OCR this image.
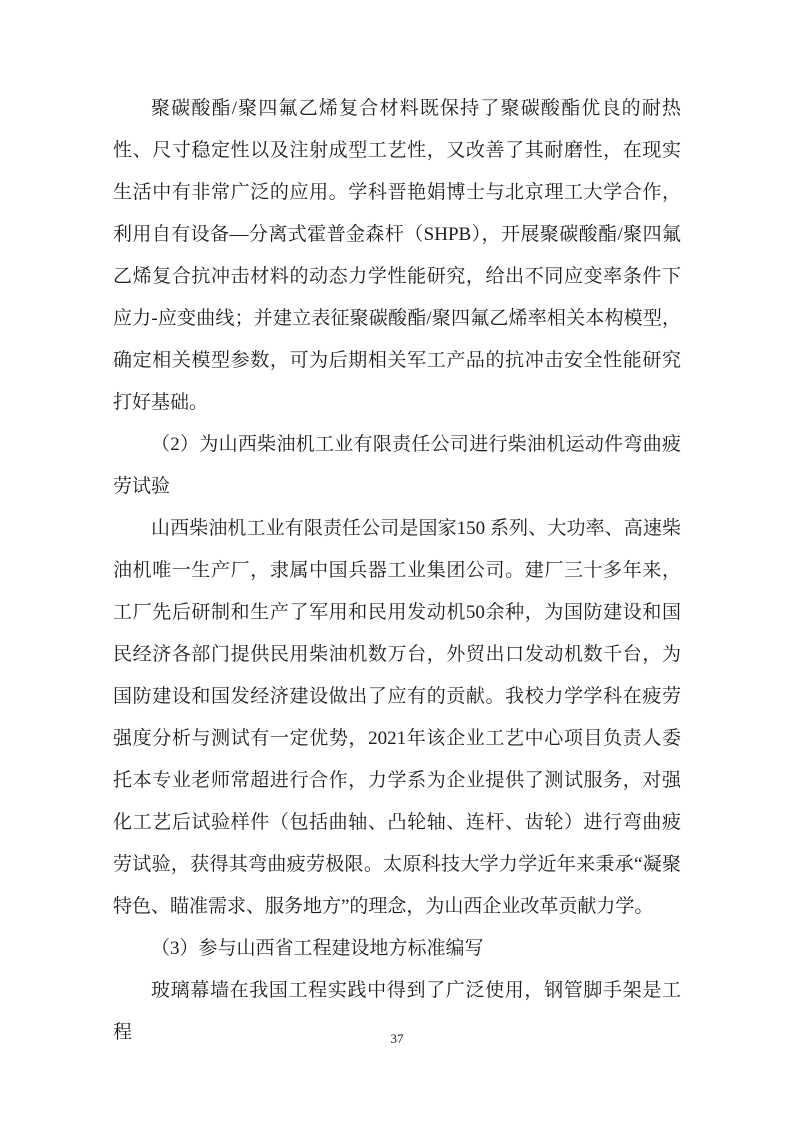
聚碳酸酯/聚四氟乙烯复合材料既保持了聚碳酸酯优良的耐热性、尺寸稳定性以及注射成型工艺性，又改善了其耐磨性，在现实生活中有非常广泛的应用。学科晋艳娟博士与北京理工大学合作，利用自有设备—分离式霍普金森杆（SHPB），开展聚碳酸酯/聚四氟乙烯复合抗冲击材料的动态力学性能研究，给出不同应变率条件下应力-应变曲线；并建立表征聚碳酸酯/聚四氟乙烯率相关本构模型，确定相关模型参数，可为后期相关军工产品的抗冲击安全性能研究打好基础。

（2）为山西柴油机工业有限责任公司进行柴油机运动件弯曲疲劳试验

山西柴油机工业有限责任公司是国家150 系列、大功率、高速柴油机唯一生产厂，隶属中国兵器工业集团公司。建厂三十多年来，工厂先后研制和生产了军用和民用发动机50余种，为国防建设和国民经济各部门提供民用柴油机数万台，外贸出口发动机数千台，为国防建设和国发经济建设做出了应有的贡献。我校力学学科在疲劳强度分析与测试有一定优势，2021年该企业工艺中心项目负责人委托本专业老师常超进行合作，力学系为企业提供了测试服务，对强化工艺后试验样件（包括曲轴、凸轮轴、连杆、齿轮）进行弯曲疲劳试验，获得其弯曲疲劳极限。太原科技大学力学近年来秉承“凝聚特色、瞄准需求、服务地方”的理念，为山西企业改革贡献力学。

（3）参与山西省工程建设地方标准编写

玻璃幕墙在我国工程实践中得到了广泛使用，钢管脚手架是工程	37
